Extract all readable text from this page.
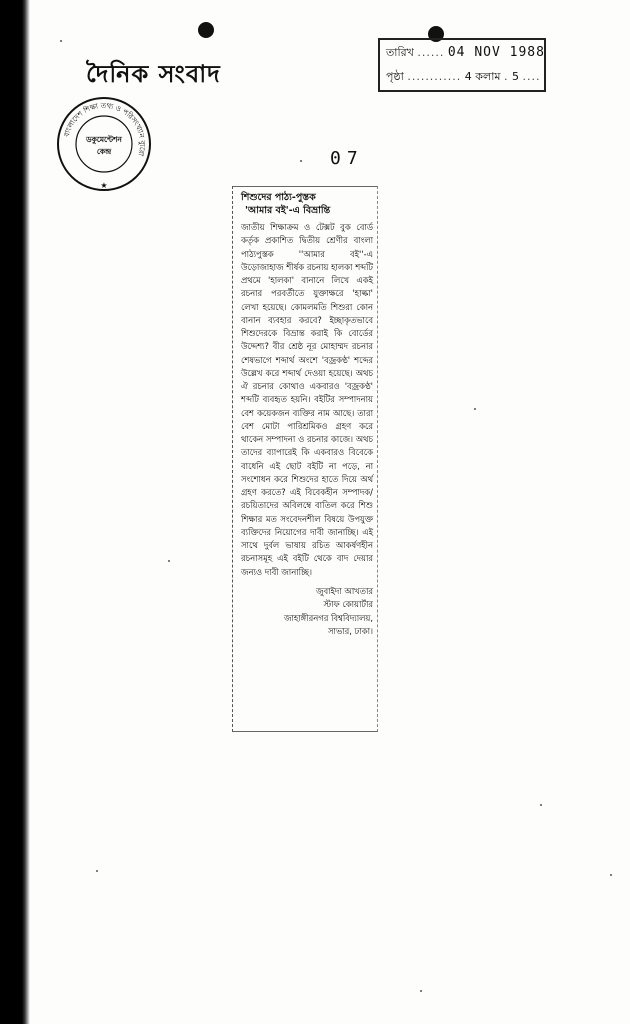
দৈনিক সংবাদ
বাংলাদেশ শিক্ষা তথ্য ও পরিসংখ্যান ব্যুরো
ডকুমেন্টেশন
কেন্দ্র
★
তারিখ ...... 04 NOV 1988
পৃষ্ঠা ............ 4 কলাম . 5 ....
07
শিশুদের পাঠ্য-পুস্তক
'আমার বই'-এ বিভ্রান্তি

জাতীয় শিক্ষাক্রম ও টেক্সট বুক বোর্ড কর্তৃক প্রকাশিত দ্বিতীয় শ্রেণীর বাংলা পাঠ্যপুস্তক ''আমার বই''-এ উড়োজাহাজ শীর্ষক রচনায় হালকা শব্দটি প্রথমে 'হালকা' বানানে লিখে একই রচনার পরবর্তীতে যুক্তাক্ষরে 'হাল্কা' লেখা হয়েছে। কোমলমতি শিশুরা কোন বানান ব্যবহার করবে? ইচ্ছাকৃতভাবে শিশুদেরকে বিভ্রান্ত করাই কি বোর্ডের উদ্দেশ্য? বীর শ্রেষ্ঠ নূর মোহাম্মদ রচনার শেষভাগে শব্দার্থ অংশে 'বজ্রকণ্ঠ' শব্দের উল্লেখ করে শব্দার্থ দেওয়া হয়েছে। অথচ ঐ রচনার কোথাও একবারও 'বজ্রকণ্ঠ' শব্দটি ব্যবহৃত হয়নি। বইটির সম্পাদনায় বেশ কয়েকজন ব্যক্তির নাম আছে। তারা বেশ মোটা পারিশ্রমিকও গ্রহণ করে থাকেন সম্পাদনা ও রচনার কাজে। অথচ তাদের ব্যাপারেই কি একবারও বিবেকে বাধেনি এই ছোট বইটি না পড়ে, না সংশোধন করে শিশুদের হাতে দিয়ে অর্থ গ্রহণ করতে? এই বিবেকহীন সম্পাদক/রচয়িতাদের অবিলম্বে বাতিল করে শিশু শিক্ষার মত সংবেদনশীল বিষয়ে উপযুক্ত ব্যক্তিদের নিয়োগের দাবী জানাচ্ছি। এই সাথে দুর্বল ভাষায় রচিত আকর্ষণহীন রচনাসমূহ এই বইটি থেকে বাদ দেয়ার জন্যও দাবী জানাচ্ছি।

জুবাইদা আখতার
স্টাফ কোয়ার্টার
জাহাঙ্গীরনগর বিশ্ববিদ্যালয়,
সাভার, ঢাকা।
